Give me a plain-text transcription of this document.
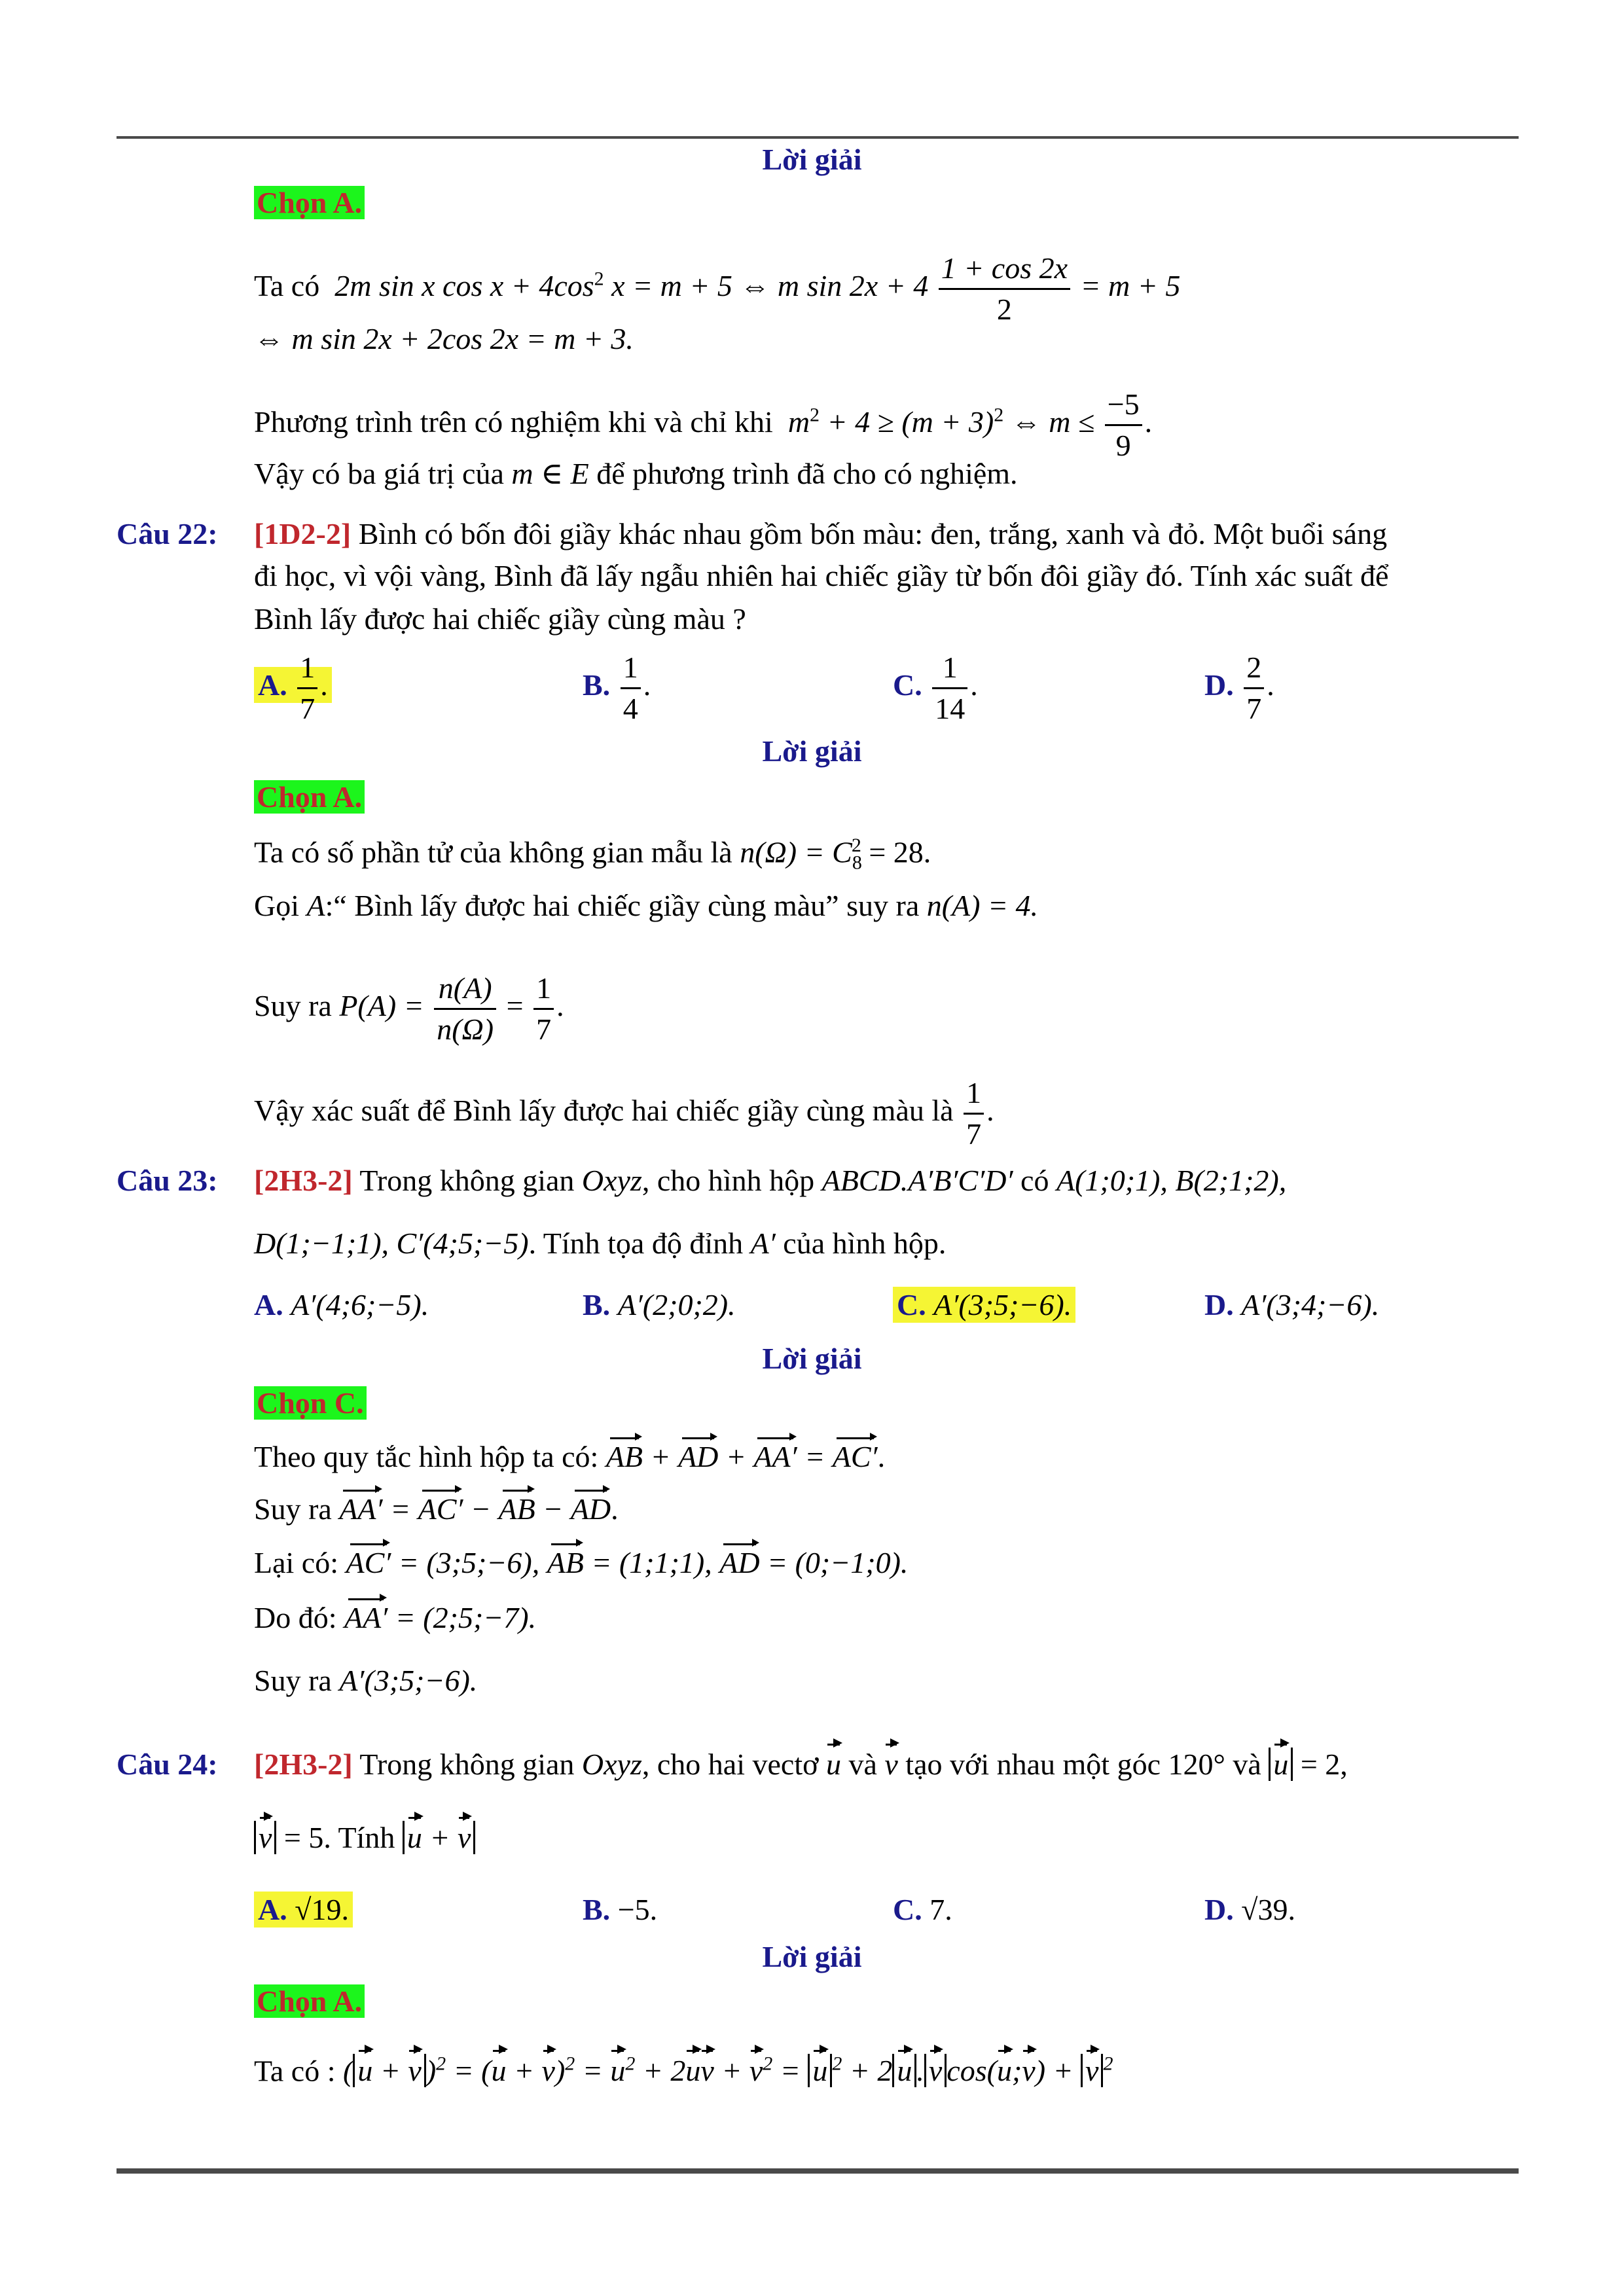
Lời giải
Chọn A.
Ta có 2m sin x $\cos x + 4\cos^2$ x = m + 5 ⇔ m $\sin 2x + 4 \frac{1 + \cos 2x}{2} = m + 5$
⇔ m sin 2x + 2cos 2x = m + 3.
Phương trình trên có nghiệm khi và chỉ khi $m^2 + 4 \ge (m + 3)^2$ ⇔ $m \le \frac{-5}{9}$ .
Vậy có ba giá trị của m ∈ E để phương trình đã cho có nghiệm.
Câu 22: [1D2-2] Bình có bốn đôi giầy khác nhau gồm bốn màu: đen, trắng, xanh và đỏ. Một buổi sáng
đi học, vì vội vàng, Bình đã lấy ngẫu nhiên hai chiếc giầy từ bốn đôi giầy đó. Tính xác suất để
Bình lấy được hai chiếc giầy cùng màu ?
A. $\frac{1}{7}$ .	B. $\frac{1}{4}$ .	C. $\frac{1}{14}$ .	D. $\frac{2}{7}$ .
Lời giải
Chọn A.
Ta có số phần tử của không gian mẫu là $n(\Omega) = C_8^2 = 28$.
Gọi A:“ Bình lấy được hai chiếc giầy cùng màu” suy ra n(A) = 4.
Suy ra $P(A) = \frac{n(A)}{n(\Omega)} = \frac{1}{7}$ .
Vậy xác suất để Bình lấy được hai chiếc giầy cùng màu là $\frac{1}{7}$ .
Câu 23: [2H3-2] Trong không gian Oxyz, cho hình hộp ABCD.A′B′C′D′ có A(1;0;1), B(2;1;2),
D(1;−1;1), C′(4;5;−5). Tính tọa độ đỉnh A′ của hình hộp.
A. A′(4;6;−5).	B. A′(2;0;2).	C. A′(3;5;−6).	D. A′(3;4;−6).
Lời giải
Chọn C.
Theo quy tắc hình hộp ta có: AB + AD + AA′ = AC′.
Suy ra AA′ = AC′ − AB − AD.
Lại có: AC′ = (3;5;−6), AB = (1;1;1), AD = (0;−1;0).
Do đó: AA′ = (2;5;−7).
Suy ra A′(3;5;−6).
Câu 24: [2H3-2] Trong không gian Oxyz, cho hai vectơ u và v tạo với nhau một góc 120° và u = 2,
v = 5. Tính u + v
A. √19.	B. −5.	C. 7.	D. √39.
Lời giải
Chọn A.
Ta có : ( u + v )$^2 = (u + v)^2 = u^2 + 2uv + v^2 = u$ $^2$ + 2 u . v cos(u;v) + v $^2$
